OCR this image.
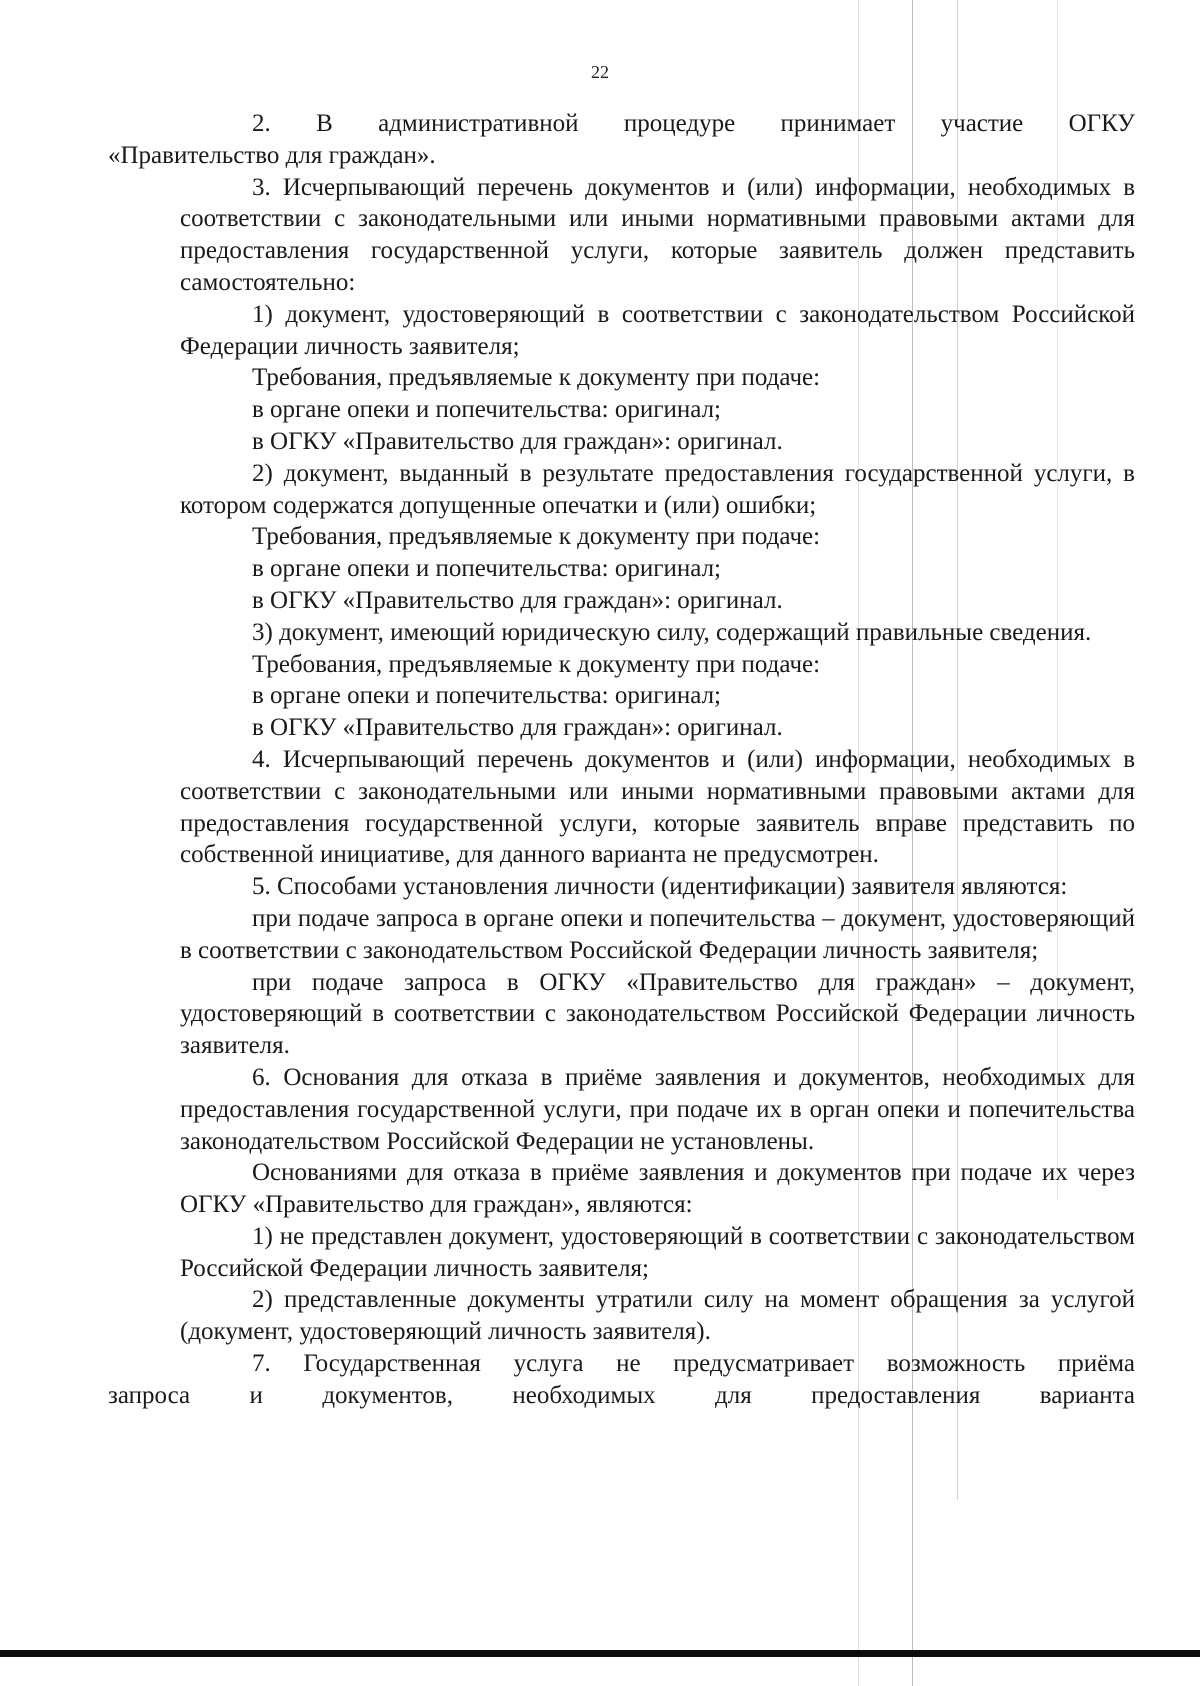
22

2. В административной процедуре принимает участие ОГКУ
«Правительство для граждан».

3. Исчерпывающий перечень документов и (или) информации, необходимых в соответствии с законодательными или иными нормативными правовыми актами для предоставления государственной услуги, которые заявитель должен представить самостоятельно:

1) документ, удостоверяющий в соответствии с законодательством Российской Федерации личность заявителя;

Требования, предъявляемые к документу при подаче:

в органе опеки и попечительства: оригинал;

в ОГКУ «Правительство для граждан»: оригинал.

2) документ, выданный в результате предоставления государственной услуги, в котором содержатся допущенные опечатки и (или) ошибки;

Требования, предъявляемые к документу при подаче:

в органе опеки и попечительства: оригинал;

в ОГКУ «Правительство для граждан»: оригинал.

3) документ, имеющий юридическую силу, содержащий правильные сведения.

Требования, предъявляемые к документу при подаче:

в органе опеки и попечительства: оригинал;

в ОГКУ «Правительство для граждан»: оригинал.

4. Исчерпывающий перечень документов и (или) информации, необходимых в соответствии с законодательными или иными нормативными правовыми актами для предоставления государственной услуги, которые заявитель вправе представить по собственной инициативе, для данного варианта не предусмотрен.

5. Способами установления личности (идентификации) заявителя являются:

при подаче запроса в органе опеки и попечительства – документ, удостоверяющий в соответствии с законодательством Российской Федерации личность заявителя;

при подаче запроса в ОГКУ «Правительство для граждан» – документ, удостоверяющий в соответствии с законодательством Российской Федерации личность заявителя.

6. Основания для отказа в приёме заявления и документов, необходимых для предоставления государственной услуги, при подаче их в орган опеки и попечительства законодательством Российской Федерации не установлены.

Основаниями для отказа в приёме заявления и документов при подаче их через ОГКУ «Правительство для граждан», являются:

1) не представлен документ, удостоверяющий в соответствии с законодательством Российской Федерации личность заявителя;

2) представленные документы утратили силу на момент обращения за услугой (документ, удостоверяющий личность заявителя).

7. Государственная услуга не предусматривает возможность приёма
запроса и документов, необходимых для предоставления варианта
